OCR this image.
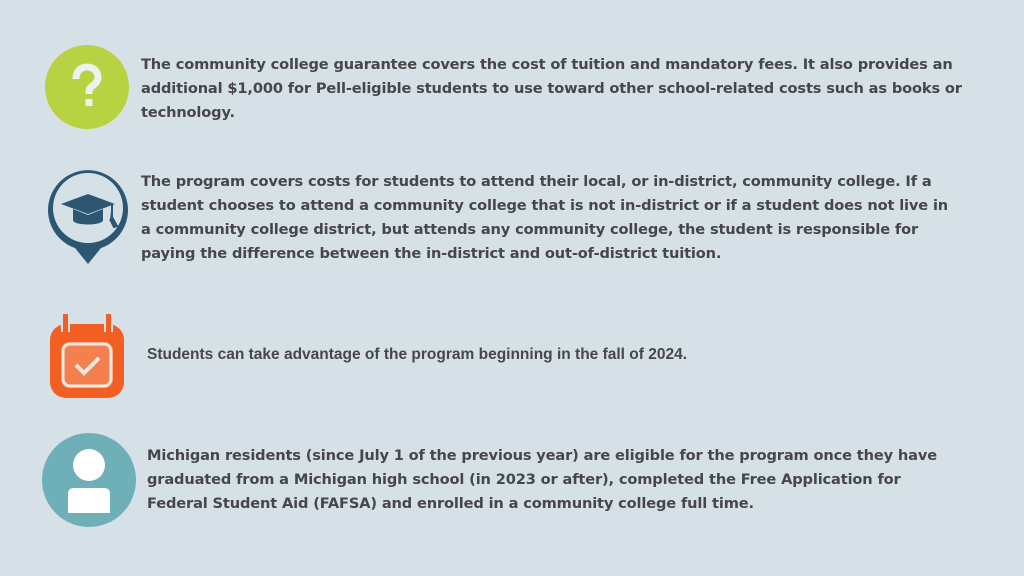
The community college guarantee covers the cost of tuition and mandatory fees. It also provides an additional $1,000 for Pell-eligible students to use toward other school-related costs such as books or technology.

The program covers costs for students to attend their local, or in-district, community college. If a student chooses to attend a community college that is not in-district or if a student does not live in a community college district, but attends any community college, the student is responsible for paying the difference between the in-district and out-of-district tuition.

Students can take advantage of the program beginning in the fall of 2024.

Michigan residents (since July 1 of the previous year) are eligible for the program once they have graduated from a Michigan high school (in 2023 or after), completed the Free Application for Federal Student Aid (FAFSA) and enrolled in a community college full time.
